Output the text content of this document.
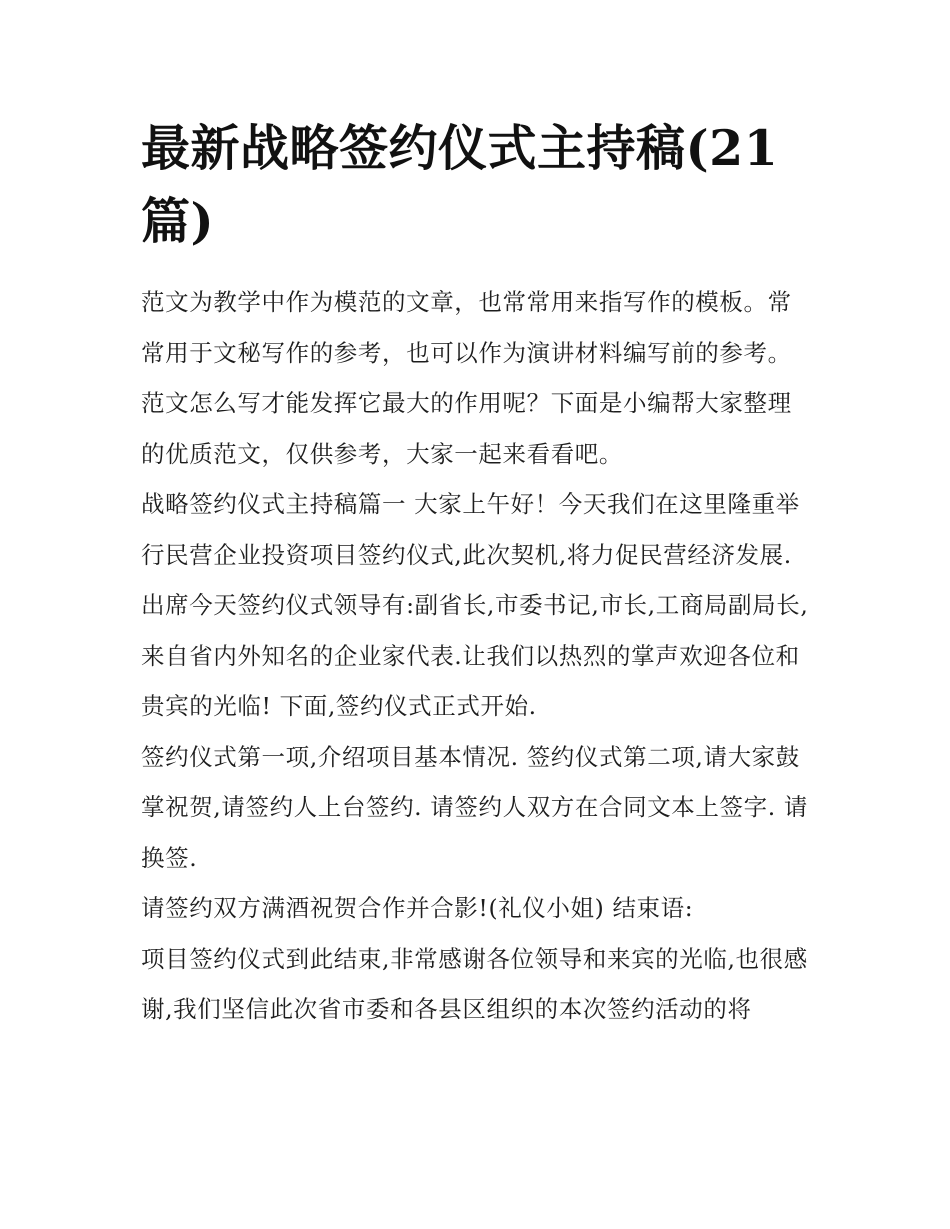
最新战略签约仪式主持稿(21篇)

范文为教学中作为模范的文章，也常常用来指写作的模板。常常用于文秘写作的参考，也可以作为演讲材料编写前的参考。范文怎么写才能发挥它最大的作用呢？下面是小编帮大家整理的优质范文，仅供参考，大家一起来看看吧。

战略签约仪式主持稿篇一 大家上午好！今天我们在这里隆重举行民营企业投资项目签约仪式,此次契机,将力促民营经济发展.

出席今天签约仪式领导有:副省长,市委书记,市长,工商局副局长,来自省内外知名的企业家代表.让我们以热烈的掌声欢迎各位和贵宾的光临! 下面,签约仪式正式开始.

签约仪式第一项,介绍项目基本情况. 签约仪式第二项,请大家鼓掌祝贺,请签约人上台签约. 请签约人双方在合同文本上签字. 请换签.

请签约双方满酒祝贺合作并合影!(礼仪小姐) 结束语:

项目签约仪式到此结束,非常感谢各位领导和来宾的光临,也很感谢,我们坚信此次省市委和各县区组织的本次签约活动的将
